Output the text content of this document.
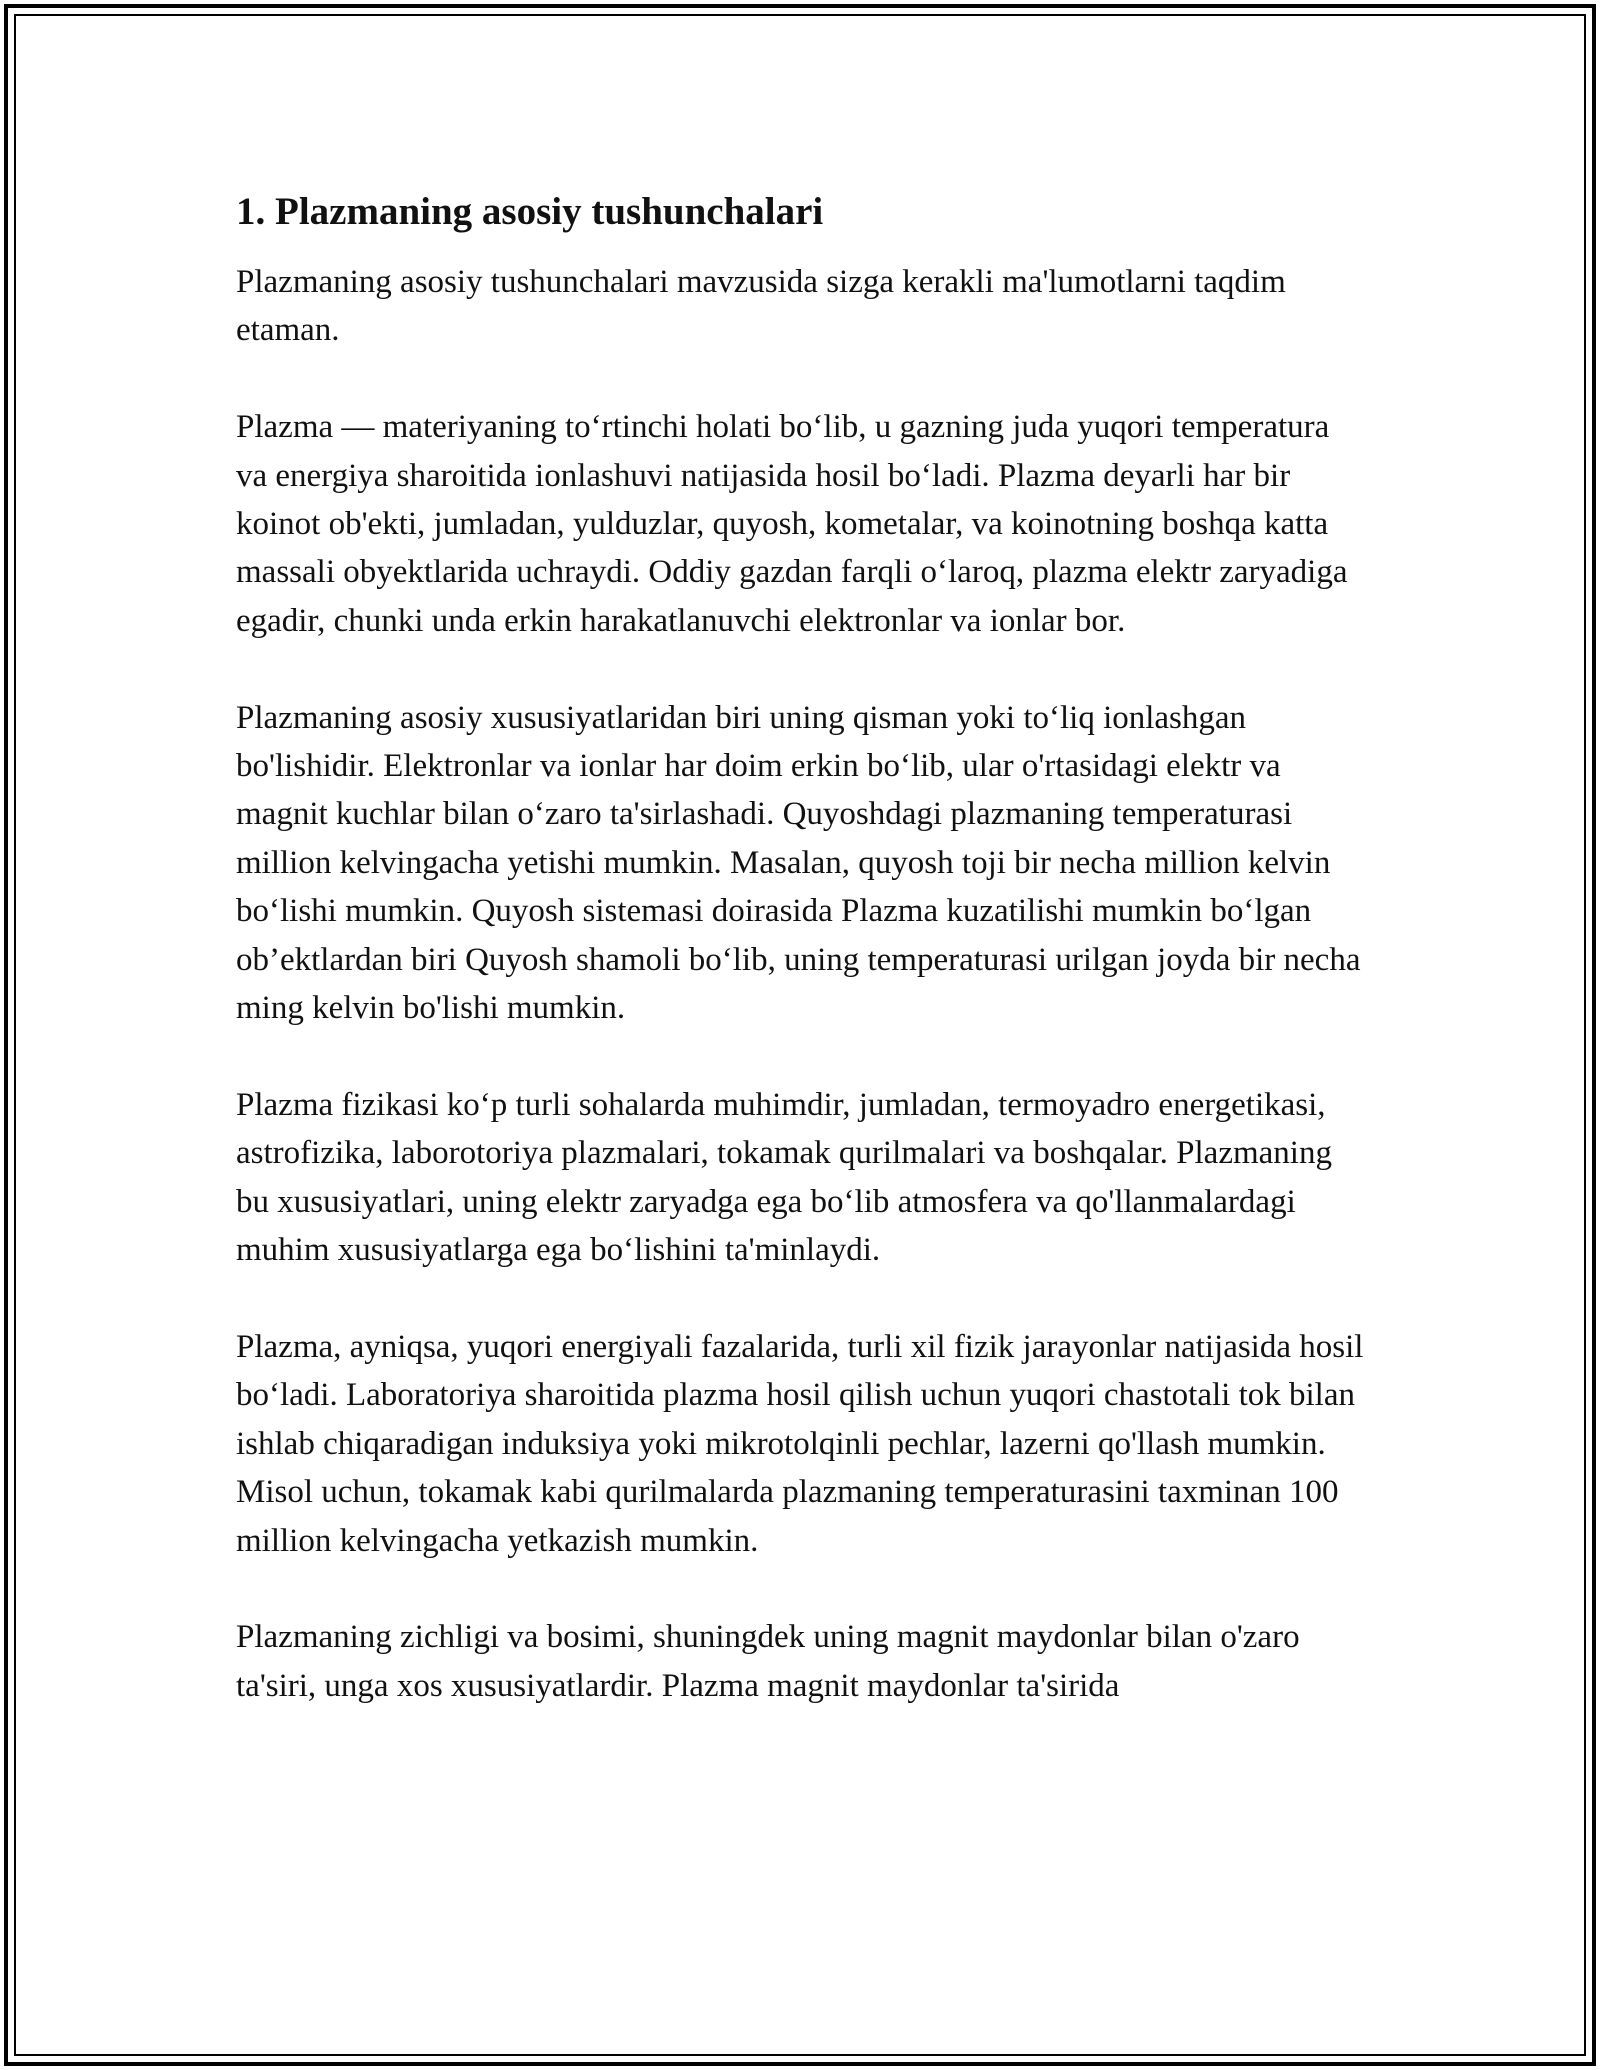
1. Plazmaning asosiy tushunchalari

Plazmaning asosiy tushunchalari mavzusida sizga kerakli ma'lumotlarni taqdim etaman.

Plazma — materiyaning to‘rtinchi holati bo‘lib, u gazning juda yuqori temperatura va energiya sharoitida ionlashuvi natijasida hosil bo‘ladi. Plazma deyarli har bir koinot ob'ekti, jumladan, yulduzlar, quyosh, kometalar, va koinotning boshqa katta massali obyektlarida uchraydi. Oddiy gazdan farqli o‘laroq, plazma elektr zaryadiga egadir, chunki unda erkin harakatlanuvchi elektronlar va ionlar bor.

Plazmaning asosiy xususiyatlaridan biri uning qisman yoki to‘liq ionlashgan bo'lishidir. Elektronlar va ionlar har doim erkin bo‘lib, ular o'rtasidagi elektr va magnit kuchlar bilan o‘zaro ta'sirlashadi. Quyoshdagi plazmaning temperaturasi million kelvingacha yetishi mumkin. Masalan, quyosh toji bir necha million kelvin bo‘lishi mumkin. Quyosh sistemasi doirasida Plazma kuzatilishi mumkin bo‘lgan ob’ektlardan biri Quyosh shamoli bo‘lib, uning temperaturasi urilgan joyda bir necha ming kelvin bo'lishi mumkin.

Plazma fizikasi ko‘p turli sohalarda muhimdir, jumladan, termoyadro energetikasi, astrofizika, laborotoriya plazmalari, tokamak qurilmalari va boshqalar. Plazmaning bu xususiyatlari, uning elektr zaryadga ega bo‘lib atmosfera va qo'llanmalardagi muhim xususiyatlarga ega bo‘lishini ta'minlaydi.

Plazma, ayniqsa, yuqori energiyali fazalarida, turli xil fizik jarayonlar natijasida hosil bo‘ladi. Laboratoriya sharoitida plazma hosil qilish uchun yuqori chastotali tok bilan ishlab chiqaradigan induksiya yoki mikrotolqinli pechlar, lazerni qo'llash mumkin. Misol uchun, tokamak kabi qurilmalarda plazmaning temperaturasini taxminan 100 million kelvingacha yetkazish mumkin.

Plazmaning zichligi va bosimi, shuningdek uning magnit maydonlar bilan o'zaro ta'siri, unga xos xususiyatlardir. Plazma magnit maydonlar ta'sirida
